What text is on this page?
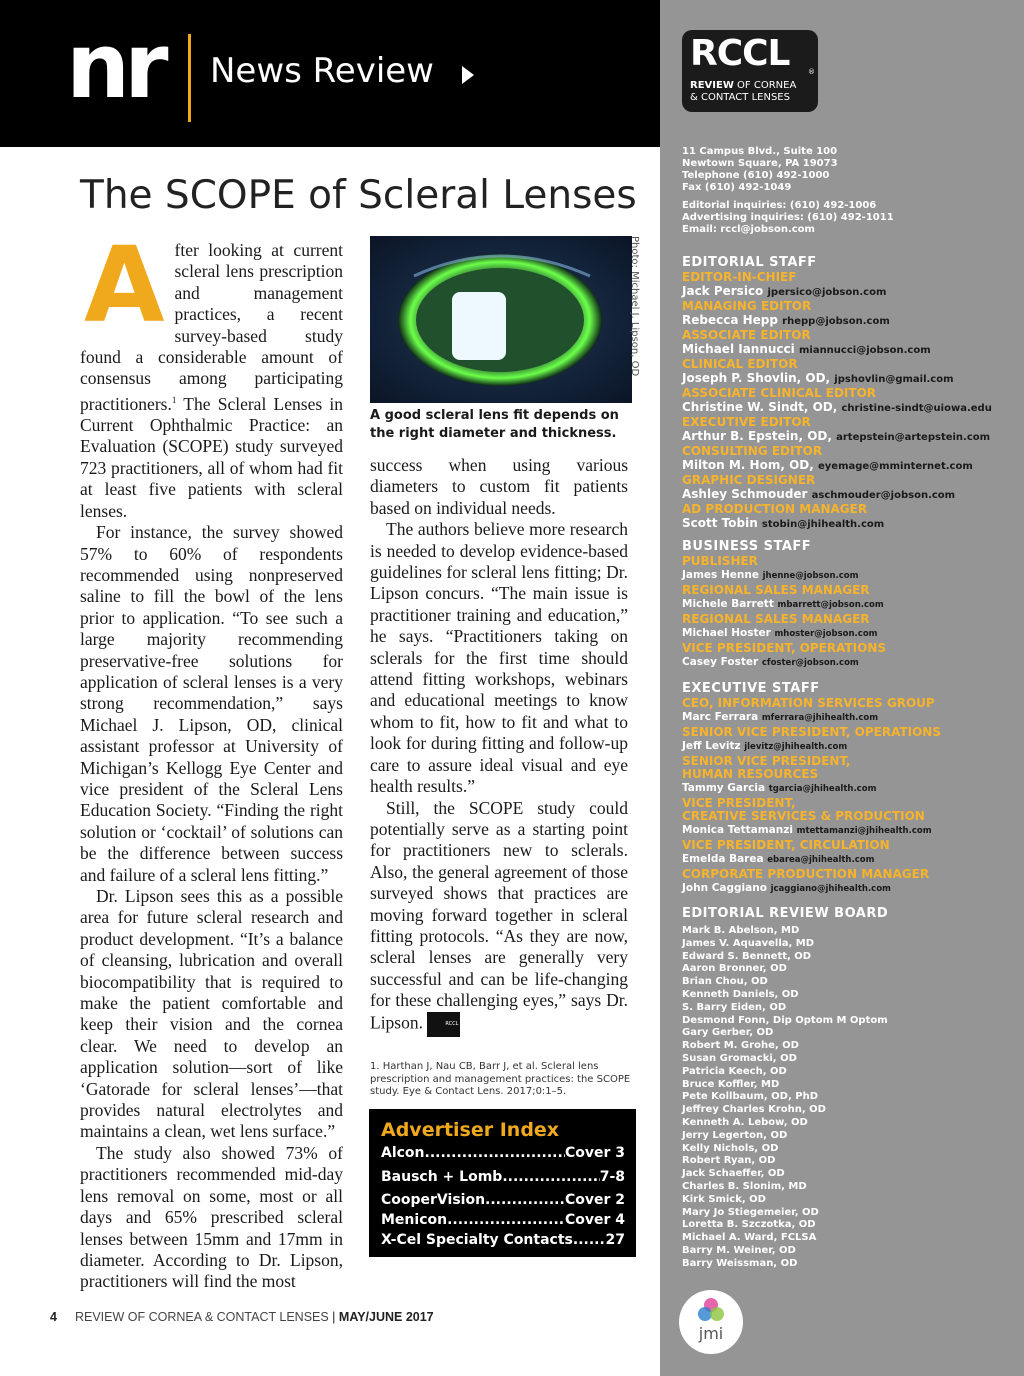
nr News Review	RCCL	®
REVIEW OF CORNEA
& CONTACT LENSES
11 Campus Blvd., Suite 100
Newtown Square, PA 19073
Telephone (610) 492-1000
Fax (610) 492-1049
Editorial inquiries: (610) 492-1006
Advertising inquiries: (610) 492-1011
Email: rccl@jobson.com
EDITORIAL STAFF
EDITOR-IN-CHIEF
Jack Persico jpersico@jobson.com
MANAGING EDITOR
Rebecca Hepp rhepp@jobson.com
ASSOCIATE EDITOR
Michael Iannucci miannucci@jobson.com
CLINICAL EDITOR
Joseph P. Shovlin, OD, jpshovlin@gmail.com
ASSOCIATE CLINICAL EDITOR
Christine W. Sindt, OD, christine-sindt@uiowa.edu
EXECUTIVE EDITOR
Arthur B. Epstein, OD, artepstein@artepstein.com
CONSULTING EDITOR
Milton M. Hom, OD, eyemage@mminternet.com
GRAPHIC DESIGNER
Ashley Schmouder aschmouder@jobson.com
AD PRODUCTION MANAGER
Scott Tobin stobin@jhihealth.com
BUSINESS STAFF
PUBLISHER
James Henne jhenne@jobson.com
REGIONAL SALES MANAGER
Michele Barrett mbarrett@jobson.com
REGIONAL SALES MANAGER
Michael Hoster mhoster@jobson.com
VICE PRESIDENT, OPERATIONS
Casey Foster cfoster@jobson.com
EXECUTIVE STAFF
CEO, INFORMATION SERVICES GROUP
Marc Ferrara mferrara@jhihealth.com
SENIOR VICE PRESIDENT, OPERATIONS
Jeff Levitz jlevitz@jhihealth.com
SENIOR VICE PRESIDENT,
HUMAN RESOURCES
Tammy Garcia tgarcia@jhihealth.com
VICE PRESIDENT,
CREATIVE SERVICES & PRODUCTION
Monica Tettamanzi mtettamanzi@jhihealth.com
VICE PRESIDENT, CIRCULATION
Emelda Barea ebarea@jhihealth.com
CORPORATE PRODUCTION MANAGER
John Caggiano jcaggiano@jhihealth.com
EDITORIAL REVIEW BOARD
Mark B. Abelson, MD
James V. Aquavella, MD
Edward S. Bennett, OD
Aaron Bronner, OD
Brian Chou, OD
Kenneth Daniels, OD
S. Barry Eiden, OD
Desmond Fonn, Dip Optom M Optom
Gary Gerber, OD
Robert M. Grohe, OD
Susan Gromacki, OD
Patricia Keech, OD
Bruce Koffler, MD
Pete Kollbaum, OD, PhD
Jeffrey Charles Krohn, OD
Kenneth A. Lebow, OD
Jerry Legerton, OD
Kelly Nichols, OD
Robert Ryan, OD
Jack Schaeffer, OD
Charles B. Slonim, MD
Kirk Smick, OD
Mary Jo Stiegemeier, OD
Loretta B. Szczotka, OD
Michael A. Ward, FCLSA
Barry M. Weiner, OD
Barry Weissman, OD
jmi
The SCOPE of Scleral Lenses

After looking at current scleral lens prescription and management practices, a recent survey-based study found a considerable amount of consensus among participating practitioners.$^1$ The Scleral Lenses in Current Ophthalmic Practice: an Evaluation (SCOPE) study surveyed 723 practitioners, all of whom had fit at least five patients with scleral lenses.

For instance, the survey showed 57% to 60% of respondents recommended using nonpreserved saline to fill the bowl of the lens prior to application. “To see such a large majority recommending preservative-free solutions for application of scleral lenses is a very strong recommendation,” says Michael J. Lipson, OD, clinical assistant professor at University of Michigan’s Kellogg Eye Center and vice president of the Scleral Lens Education Society. “Finding the right solution or ‘cocktail’ of solutions can be the difference between success and failure of a scleral lens fitting.”

Dr. Lipson sees this as a possible area for future scleral research and product development. “It’s a balance of cleansing, lubrication and overall biocompatibility that is required to make the patient comfortable and keep their vision and the cornea clear. We need to develop an application solution—sort of like ‘Gatorade for scleral lenses’—that provides natural electrolytes and maintains a clean, wet lens surface.”

The study also showed 73% of practitioners recommended mid-day lens removal on some, most or all days and 65% prescribed scleral lenses between 15mm and 17mm in diameter. According to Dr. Lipson, practitioners will find the most

Photo: Michael J. Lipson, OD
A good scleral lens fit depends on the right diameter and thickness.

success when using various diameters to custom fit patients based on individual needs.

The authors believe more research is needed to develop evidence-based guidelines for scleral lens fitting; Dr. Lipson concurs. “The main issue is practitioner training and education,” he says. “Practitioners taking on sclerals for the first time should attend fitting workshops, webinars and educational meetings to know whom to fit, how to fit and what to look for during fitting and follow-up care to assure ideal visual and eye health results.”

Still, the SCOPE study could potentially serve as a starting point for practitioners new to sclerals. Also, the general agreement of those surveyed shows that practices are moving forward together in scleral fitting protocols. “As they are now, scleral lenses are generally very successful and can be life-changing for these challenging eyes,” says Dr. Lipson.	RCCL

1. Harthan J, Nau CB, Barr J, et al. Scleral lens prescription and management practices: the SCOPE study. Eye & Contact Lens. 2017;0:1–5.
Advertiser Index
Alcon .....	Cover 3
Bausch + Lomb .....	7-8
CooperVision .....	Cover 2
Menicon .....	Cover 4
X-Cel Specialty Contacts ..... 27
4 REVIEW OF CORNEA & CONTACT LENSES | MAY/JUNE 2017
